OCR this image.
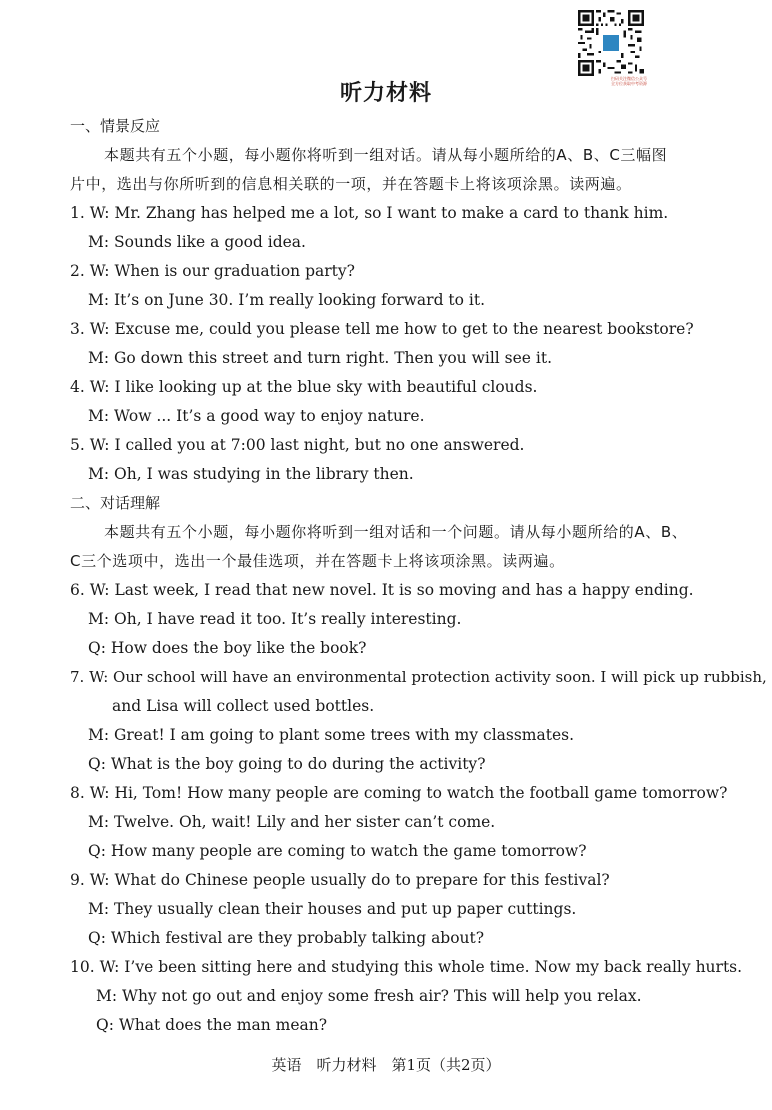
扫码关注微信公众号
全方位获取中考资源
听力材料
一、情景反应
本题共有五个小题，每小题你将听到一组对话。请从每小题所给的A、B、C三幅图
片中，选出与你所听到的信息相关联的一项，并在答题卡上将该项涂黑。读两遍。
1. W: Mr. Zhang has helped me a lot, so I want to make a card to thank him.
M: Sounds like a good idea.
2. W: When is our graduation party?
M: It’s on June 30. I’m really looking forward to it.
3. W: Excuse me, could you please tell me how to get to the nearest bookstore?
M: Go down this street and turn right. Then you will see it.
4. W: I like looking up at the blue sky with beautiful clouds.
M: Wow ... It’s a good way to enjoy nature.
5. W: I called you at 7:00 last night, but no one answered.
M: Oh, I was studying in the library then.
二、对话理解
本题共有五个小题，每小题你将听到一组对话和一个问题。请从每小题所给的A、B、
C三个选项中，选出一个最佳选项，并在答题卡上将该项涂黑。读两遍。
6. W: Last week, I read that new novel. It is so moving and has a happy ending.
M: Oh, I have read it too. It’s really interesting.
Q: How does the boy like the book?
7. W: Our school will have an environmental protection activity soon. I will pick up rubbish,
and Lisa will collect used bottles.
M: Great! I am going to plant some trees with my classmates.
Q: What is the boy going to do during the activity?
8. W: Hi, Tom! How many people are coming to watch the football game tomorrow?
M: Twelve. Oh, wait! Lily and her sister can’t come.
Q: How many people are coming to watch the game tomorrow?
9. W: What do Chinese people usually do to prepare for this festival?
M: They usually clean their houses and put up paper cuttings.
Q: Which festival are they probably talking about?
10. W: I’ve been sitting here and studying this whole time. Now my back really hurts.
M: Why not go out and enjoy some fresh air? This will help you relax.
Q: What does the man mean?
英语　听力材料　第1页（共2页）
